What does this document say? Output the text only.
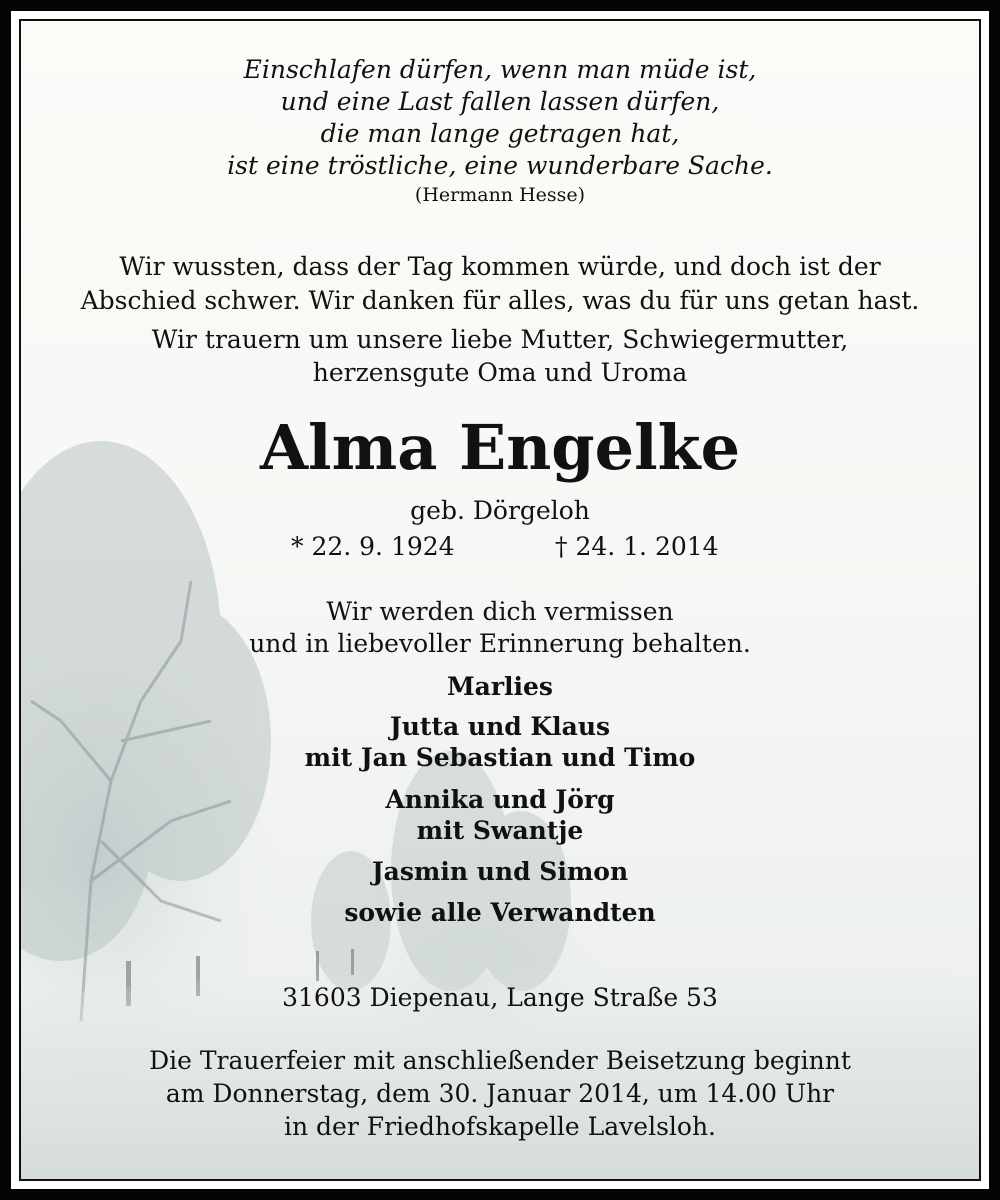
Einschlafen dürfen, wenn man müde ist,
und eine Last fallen lassen dürfen,
die man lange getragen hat,
ist eine tröstliche, eine wunderbare Sache.
(Hermann Hesse)
Wir wussten, dass der Tag kommen würde, und doch ist der
Abschied schwer. Wir danken für alles, was du für uns getan hast.
Wir trauern um unsere liebe Mutter, Schwiegermutter,
herzensgute Oma und Uroma
Alma Engelke
geb. Dörgeloh
* 22. 9. 1924	† 24. 1. 2014
Wir werden dich vermissen
und in liebevoller Erinnerung behalten.
Marlies
Jutta und Klaus
mit Jan Sebastian und Timo
Annika und Jörg
mit Swantje
Jasmin und Simon
sowie alle Verwandten
31603 Diepenau, Lange Straße 53
Die Trauerfeier mit anschließender Beisetzung beginnt
am Donnerstag, dem 30. Januar 2014, um 14.00 Uhr
in der Friedhofskapelle Lavelsloh.
